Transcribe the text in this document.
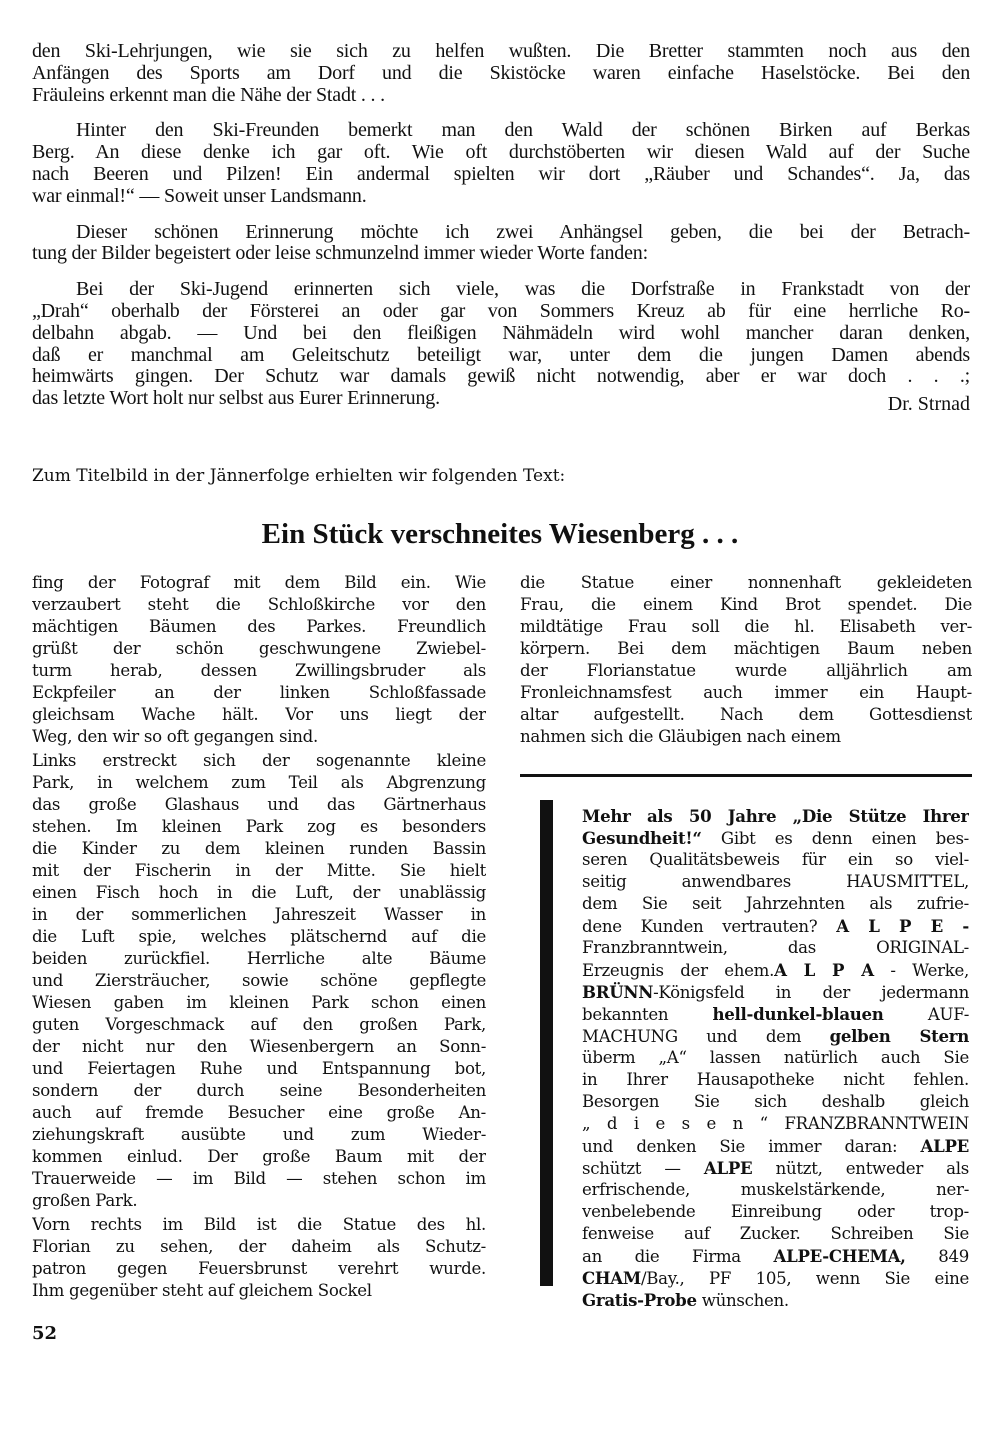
den Ski-Lehrjungen, wie sie sich zu helfen wußten. Die Bretter stammten noch aus den
Anfängen des Sports am Dorf und die Skistöcke waren einfache Haselstöcke. Bei den
Fräuleins erkennt man die Nähe der Stadt . . .
Hinter den Ski-Freunden bemerkt man den Wald der schönen Birken auf Berkas
Berg. An diese denke ich gar oft. Wie oft durchstöberten wir diesen Wald auf der Suche
nach Beeren und Pilzen! Ein andermal spielten wir dort „Räuber und Schandes“. Ja, das
war einmal!“ — Soweit unser Landsmann.
Dieser schönen Erinnerung möchte ich zwei Anhängsel geben, die bei der Betrach-
tung der Bilder begeistert oder leise schmunzelnd immer wieder Worte fanden:
Bei der Ski-Jugend erinnerten sich viele, was die Dorfstraße in Frankstadt von der
„Drah“ oberhalb der Försterei an oder gar von Sommers Kreuz ab für eine herrliche Ro-
delbahn abgab. — Und bei den fleißigen Nähmädeln wird wohl mancher daran denken,
daß er manchmal am Geleitschutz beteiligt war, unter dem die jungen Damen abends
heimwärts gingen. Der Schutz war damals gewiß nicht notwendig, aber er war doch . . .;
das letzte Wort holt nur selbst aus Eurer Erinnerung.	Dr. Strnad
Zum Titelbild in der Jännerfolge erhielten wir folgenden Text:
Ein Stück verschneites Wiesenberg . . .
fing der Fotograf mit dem Bild ein. Wie
verzaubert steht die Schloßkirche vor den
mächtigen Bäumen des Parkes. Freundlich
grüßt der schön geschwungene Zwiebel-
turm herab, dessen Zwillingsbruder als
Eckpfeiler an der linken Schloßfassade
gleichsam Wache hält. Vor uns liegt der
Weg, den wir so oft gegangen sind.
Links erstreckt sich der sogenannte kleine
Park, in welchem zum Teil als Abgrenzung
das große Glashaus und das Gärtnerhaus
stehen. Im kleinen Park zog es besonders
die Kinder zu dem kleinen runden Bassin
mit der Fischerin in der Mitte. Sie hielt
einen Fisch hoch in die Luft, der unablässig
in der sommerlichen Jahreszeit Wasser in
die Luft spie, welches plätschernd auf die
beiden zurückfiel. Herrliche alte Bäume
und Ziersträucher, sowie schöne gepflegte
Wiesen gaben im kleinen Park schon einen
guten Vorgeschmack auf den großen Park,
der nicht nur den Wiesenbergern an Sonn-
und Feiertagen Ruhe und Entspannung bot,
sondern der durch seine Besonderheiten
auch auf fremde Besucher eine große An-
ziehungskraft ausübte und zum Wieder-
kommen einlud. Der große Baum mit der
Trauerweide — im Bild — stehen schon im
großen Park.
Vorn rechts im Bild ist die Statue des hl.
Florian zu sehen, der daheim als Schutz-
patron gegen Feuersbrunst verehrt wurde.
Ihm gegenüber steht auf gleichem Sockel
die Statue einer nonnenhaft gekleideten
Frau, die einem Kind Brot spendet. Die
mildtätige Frau soll die hl. Elisabeth ver-
körpern. Bei dem mächtigen Baum neben
der Florianstatue wurde alljährlich am
Fronleichnamsfest auch immer ein Haupt-
altar aufgestellt. Nach dem Gottesdienst
nahmen sich die Gläubigen nach einem
Mehr als 50 Jahre „Die Stütze Ihrer
Gesundheit!“ Gibt es denn einen bes-
seren Qualitätsbeweis für ein so viel-
seitig anwendbares HAUSMITTEL,
dem Sie seit Jahrzehnten als zufrie-
dene Kunden vertrauten? A L P E -
Franzbranntwein, das ORIGINAL-
Erzeugnis der ehem.A L P A - Werke,
BRÜNN-Königsfeld in der jedermann
bekannten hell-dunkel-blauen AUF-
MACHUNG und dem gelben Stern
überm „A“ lassen natürlich auch Sie
in Ihrer Hausapotheke nicht fehlen.
Besorgen Sie sich deshalb gleich
„ d i e s e n “ FRANZBRANNTWEIN
und denken Sie immer daran: ALPE
schützt — ALPE nützt, entweder als
erfrischende, muskelstärkende, ner-
venbelebende Einreibung oder trop-
fenweise auf Zucker. Schreiben Sie
an die Firma ALPE-CHEMA, 849
CHAM/Bay., PF 105, wenn Sie eine
Gratis-Probe wünschen.
52
